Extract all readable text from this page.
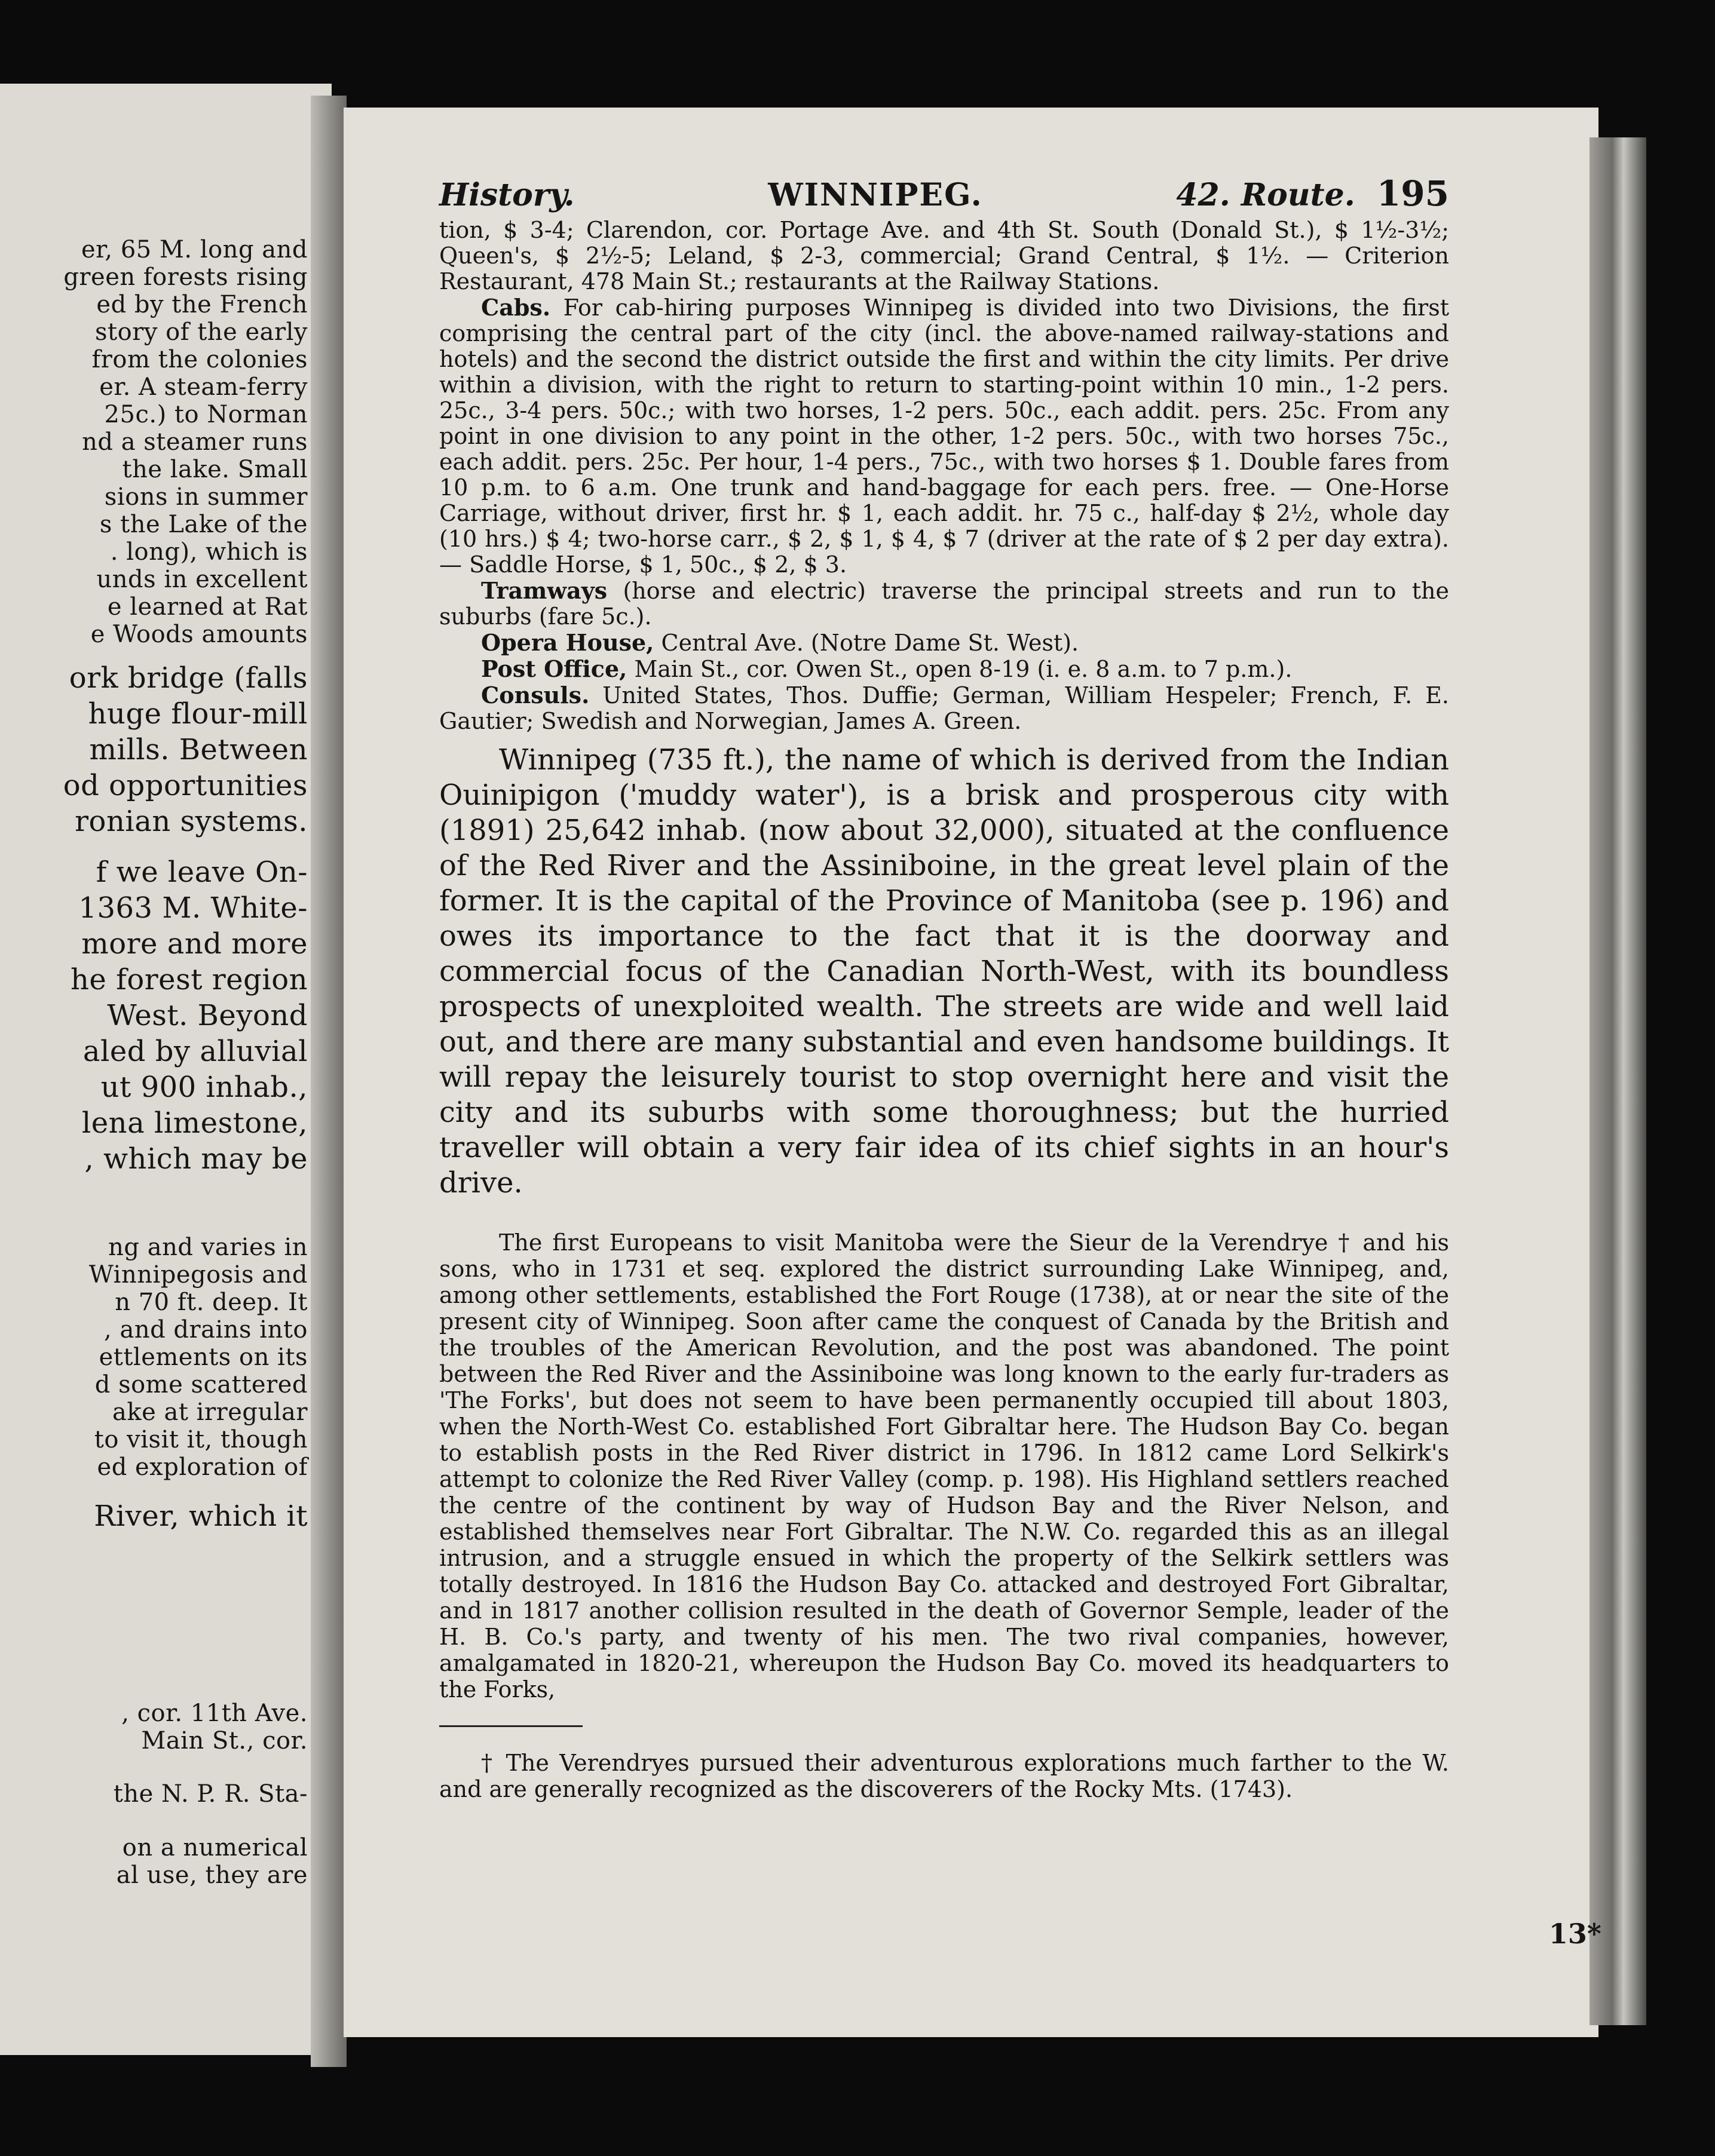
er, 65 M. long and
green forests rising
ed by the French
story of the early
from the colonies
er. A steam-ferry
25c.) to Norman
nd a steamer runs
the lake. Small
sions in summer
s the Lake of the
. long), which is
unds in excellent
e learned at Rat
e Woods amounts
ork bridge (falls
huge flour-mill
mills. Between
od opportunities
ronian systems.
f we leave On-
1363 M. White-
more and more
he forest region
West. Beyond
aled by alluvial
ut 900 inhab.,
lena limestone,
, which may be
ng and varies in
Winnipegosis and
n 70 ft. deep. It
, and drains into
ettlements on its
d some scattered
ake at irregular
to visit it, though
ed exploration of
River, which it
, cor. 11th Ave.
Main St., cor.
the N. P. R. Sta-
on a numerical
al use, they are
History.	WINNIPEG.	42. Route. 195

tion, $ 3-4; Clarendon, cor. Portage Ave. and 4th St. South (Donald St.), $ 1½-3½; Queen's, $ 2½-5; Leland, $ 2-3, commercial; Grand Central, $ 1½. — Criterion Restaurant, 478 Main St.; restaurants at the Railway Stations.

Cabs. For cab-hiring purposes Winnipeg is divided into two Divisions, the first comprising the central part of the city (incl. the above-named railway-stations and hotels) and the second the district outside the first and within the city limits. Per drive within a division, with the right to return to starting-point within 10 min., 1-2 pers. 25c., 3-4 pers. 50c.; with two horses, 1-2 pers. 50c., each addit. pers. 25c. From any point in one division to any point in the other, 1-2 pers. 50c., with two horses 75c., each addit. pers. 25c. Per hour, 1-4 pers., 75c., with two horses $ 1. Double fares from 10 p.m. to 6 a.m. One trunk and hand-baggage for each pers. free. — One-Horse Carriage, without driver, first hr. $ 1, each addit. hr. 75 c., half-day $ 2½, whole day (10 hrs.) $ 4; two-horse carr., $ 2, $ 1, $ 4, $ 7 (driver at the rate of $ 2 per day extra). — Saddle Horse, $ 1, 50c., $ 2, $ 3.

Tramways (horse and electric) traverse the principal streets and run to the suburbs (fare 5c.).

Opera House, Central Ave. (Notre Dame St. West).

Post Office, Main St., cor. Owen St., open 8-19 (i. e. 8 a.m. to 7 p.m.).

Consuls. United States, Thos. Duffie; German, William Hespeler; French, F. E. Gautier; Swedish and Norwegian, James A. Green.

Winnipeg (735 ft.), the name of which is derived from the Indian Ouinipigon ('muddy water'), is a brisk and prosperous city with (1891) 25,642 inhab. (now about 32,000), situated at the confluence of the Red River and the Assiniboine, in the great level plain of the former. It is the capital of the Province of Manitoba (see p. 196) and owes its importance to the fact that it is the doorway and commercial focus of the Canadian North-West, with its boundless prospects of unexploited wealth. The streets are wide and well laid out, and there are many substantial and even handsome buildings. It will repay the leisurely tourist to stop overnight here and visit the city and its suburbs with some thoroughness; but the hurried traveller will obtain a very fair idea of its chief sights in an hour's drive.

The first Europeans to visit Manitoba were the Sieur de la Verendrye † and his sons, who in 1731 et seq. explored the district surrounding Lake Winnipeg, and, among other settlements, established the Fort Rouge (1738), at or near the site of the present city of Winnipeg. Soon after came the conquest of Canada by the British and the troubles of the American Revolution, and the post was abandoned. The point between the Red River and the Assiniboine was long known to the early fur-traders as 'The Forks', but does not seem to have been permanently occupied till about 1803, when the North-West Co. established Fort Gibraltar here. The Hudson Bay Co. began to establish posts in the Red River district in 1796. In 1812 came Lord Selkirk's attempt to colonize the Red River Valley (comp. p. 198). His Highland settlers reached the centre of the continent by way of Hudson Bay and the River Nelson, and established themselves near Fort Gibraltar. The N.W. Co. regarded this as an illegal intrusion, and a struggle ensued in which the property of the Selkirk settlers was totally destroyed. In 1816 the Hudson Bay Co. attacked and destroyed Fort Gibraltar, and in 1817 another collision resulted in the death of Governor Semple, leader of the H. B. Co.'s party, and twenty of his men. The two rival companies, however, amalgamated in 1820-21, whereupon the Hudson Bay Co. moved its headquarters to the Forks,

† The Verendryes pursued their adventurous explorations much farther to the W. and are generally recognized as the discoverers of the Rocky Mts. (1743).

13*
